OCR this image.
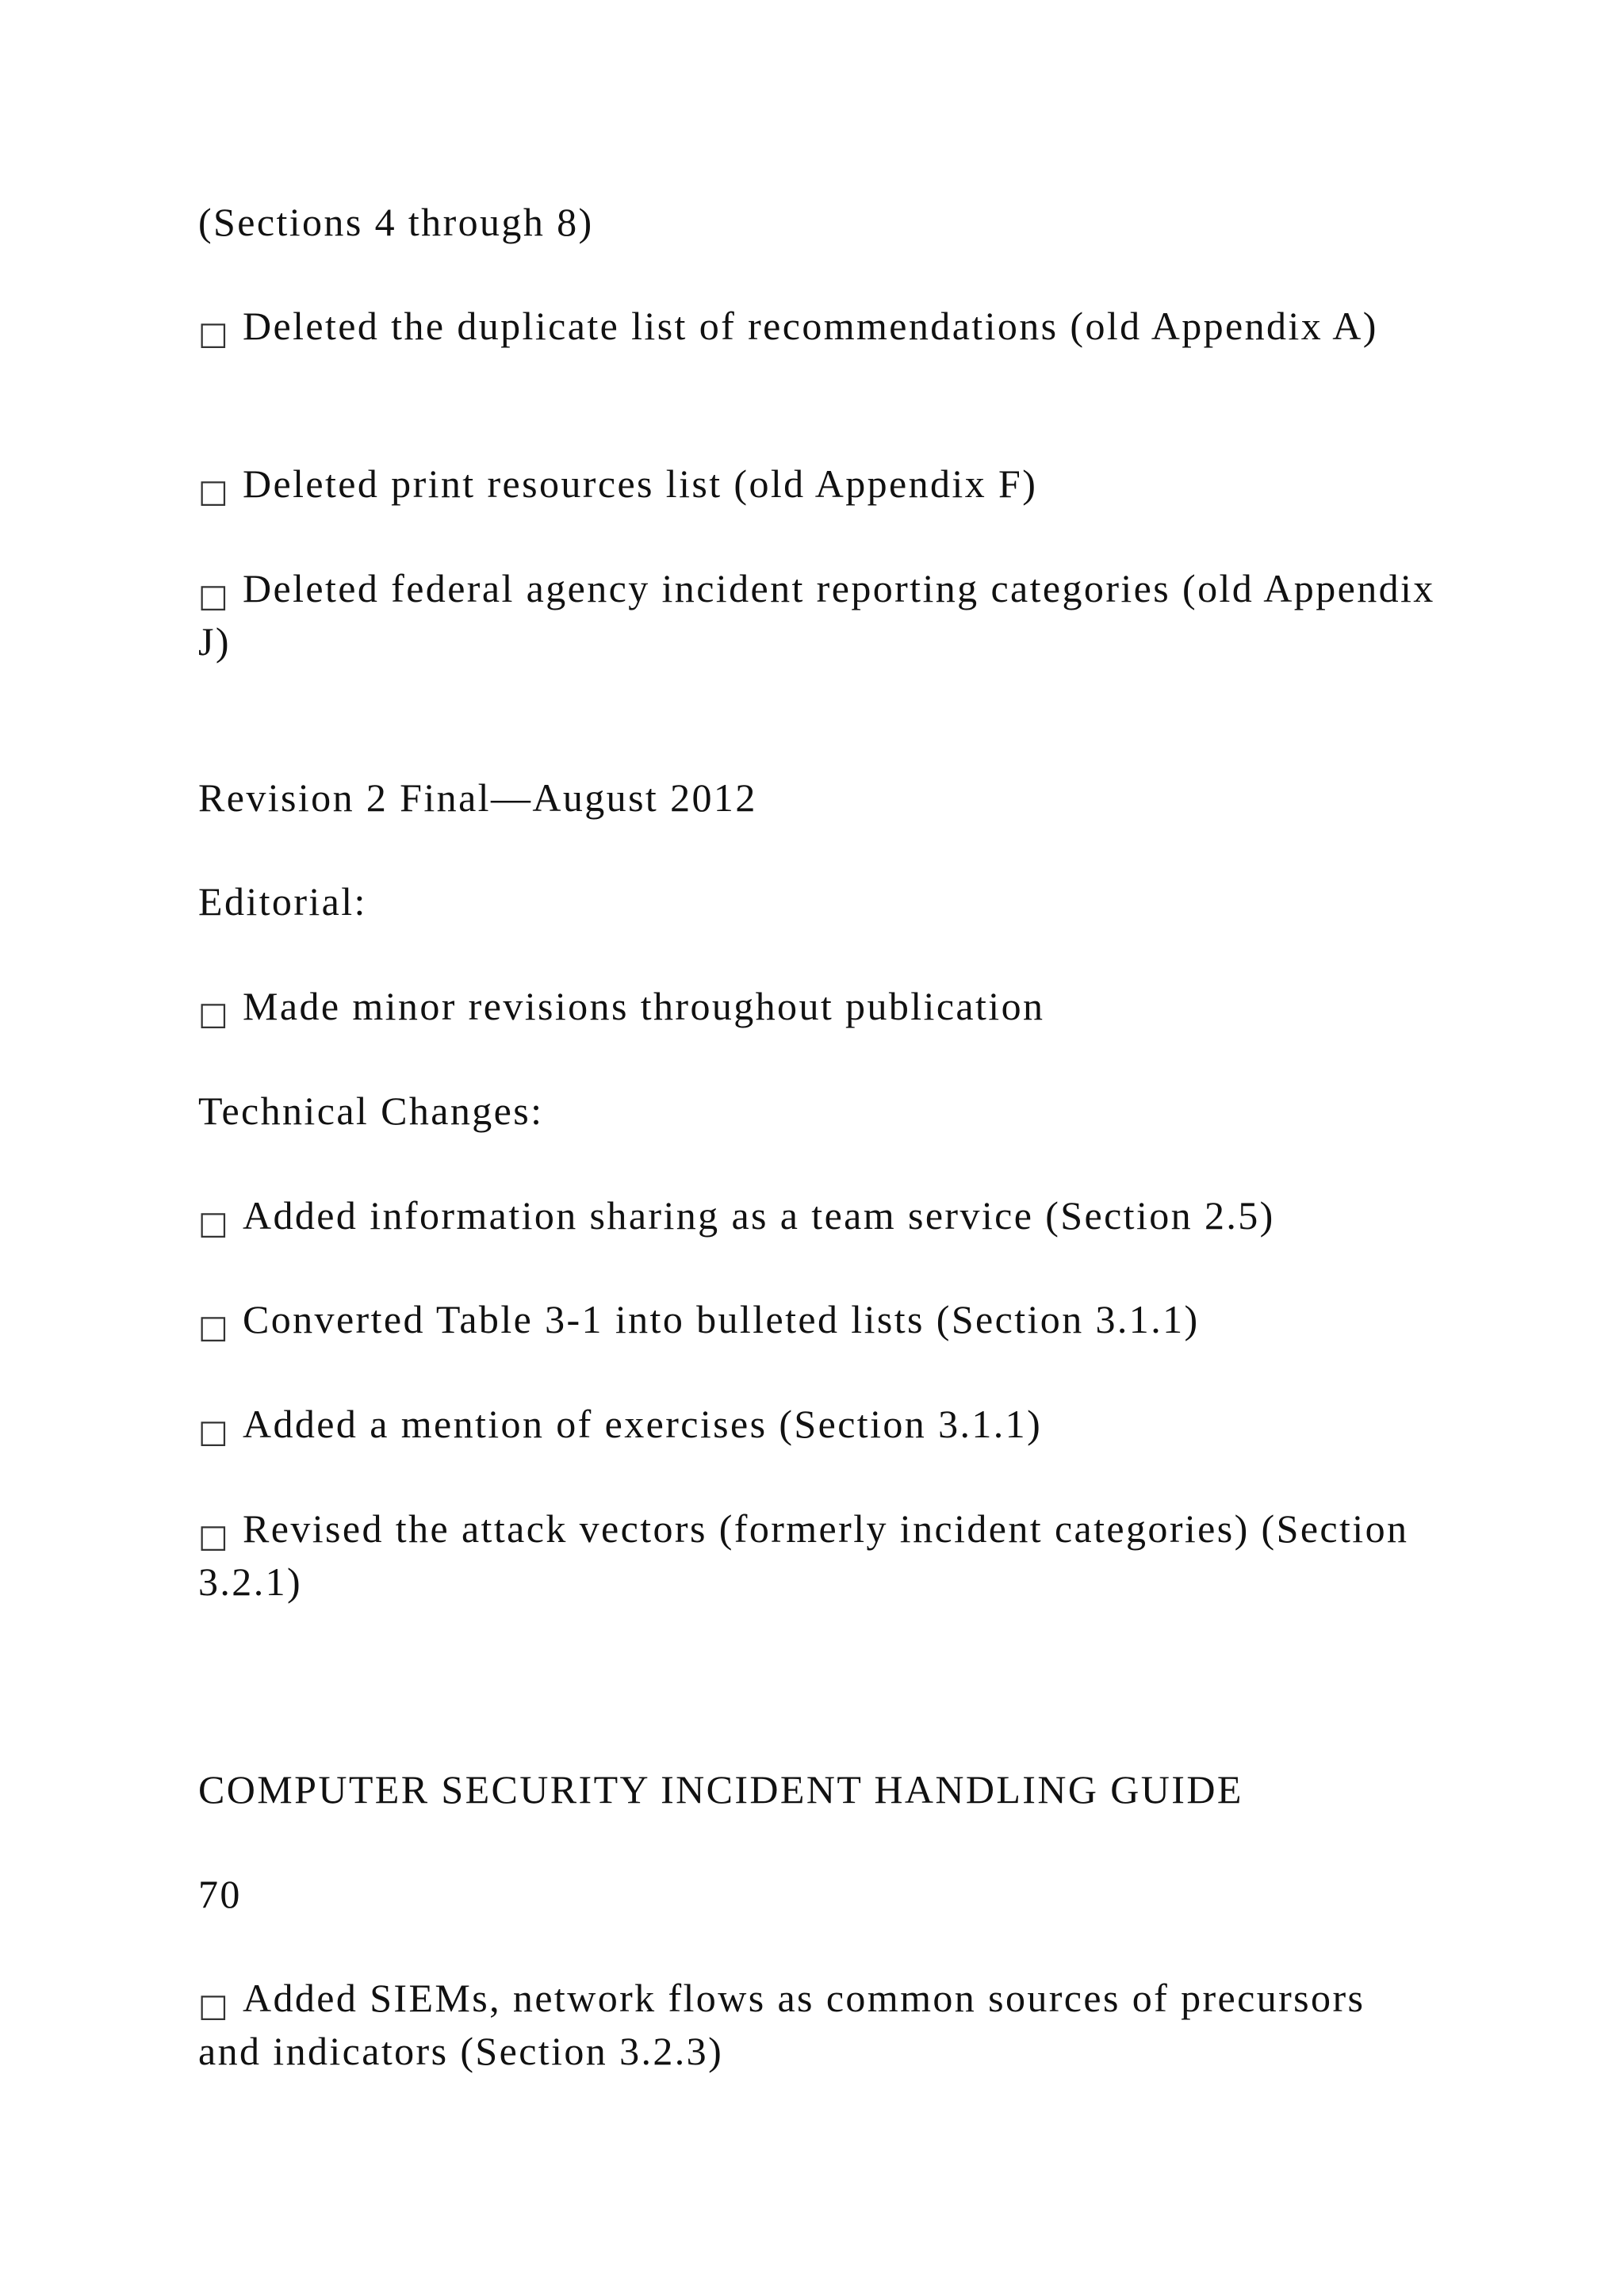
(Sections 4 through 8)

□ Deleted the duplicate list of recommendations (old Appendix A)

□ Deleted print resources list (old Appendix F)

□ Deleted federal agency incident reporting categories (old Appendix J)

Revision 2 Final—August 2012

Editorial:

□ Made minor revisions throughout publication

Technical Changes:

□ Added information sharing as a team service (Section 2.5)

□ Converted Table 3-1 into bulleted lists (Section 3.1.1)

□ Added a mention of exercises (Section 3.1.1)

□ Revised the attack vectors (formerly incident categories) (Section 3.2.1)

COMPUTER SECURITY INCIDENT HANDLING GUIDE

70

□ Added SIEMs, network flows as common sources of precursors and indicators (Section 3.2.3)
